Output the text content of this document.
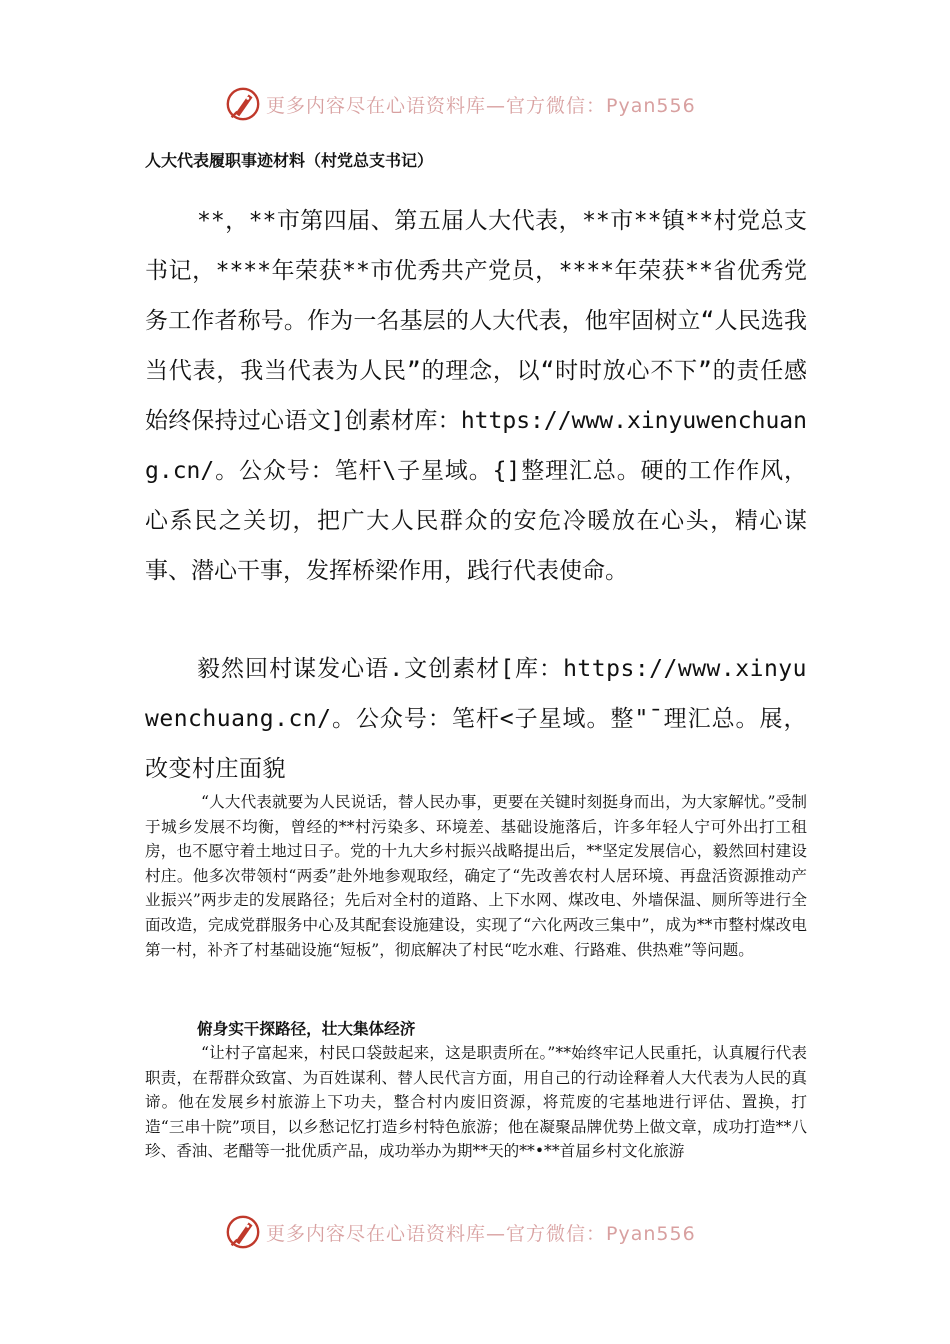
更多内容尽在心语资料库—官方微信：Pyan556
人大代表履职事迹材料（村党总支书记）

**，**市第四届、第五届人大代表，**市**镇**村党总支书记，****年荣获**市优秀共产党员，****年荣获**省优秀党务工作者称号。作为一名基层的人大代表，他牢固树立“人民选我当代表，我当代表为人民”的理念，以“时时放心不下”的责任感始终保持过心语文]创素材库：https://www.xinyuwenchuang.cn/。公众号：笔杆\子星域。{]整理汇总。硬的工作作风，心系民之关切，把广大人民群众的安危冷暖放在心头，精心谋事、潜心干事，发挥桥梁作用，践行代表使命。

毅然回村谋发心语.文创素材[库：https://www.xinyuwenchuang.cn/。公众号：笔杆<子星域。整"¯理汇总。展，改变村庄面貌

“人大代表就要为人民说话，替人民办事，更要在关键时刻挺身而出，为大家解忧。”受制于城乡发展不均衡，曾经的**村污染多、环境差、基础设施落后，许多年轻人宁可外出打工租房，也不愿守着土地过日子。党的十九大乡村振兴战略提出后，**坚定发展信心，毅然回村建设村庄。他多次带领村“两委”赴外地参观取经，确定了“先改善农村人居环境、再盘活资源推动产业振兴”两步走的发展路径；先后对全村的道路、上下水网、煤改电、外墙保温、厕所等进行全面改造，完成党群服务中心及其配套设施建设，实现了“六化两改三集中”，成为**市整村煤改电第一村，补齐了村基础设施“短板”，彻底解决了村民“吃水难、行路难、供热难”等问题。

俯身实干探路径，壮大集体经济

“让村子富起来，村民口袋鼓起来，这是职责所在。”**始终牢记人民重托，认真履行代表职责，在帮群众致富、为百姓谋利、替人民代言方面，用自己的行动诠释着人大代表为人民的真谛。他在发展乡村旅游上下功夫，整合村内废旧资源，将荒废的宅基地进行评估、置换，打造“三串十院”项目，以乡愁记忆打造乡村特色旅游；他在凝聚品牌优势上做文章，成功打造**八珍、香油、老醋等一批优质产品，成功举办为期**天的**•**首届乡村文化旅游

更多内容尽在心语资料库—官方微信：Pyan556
